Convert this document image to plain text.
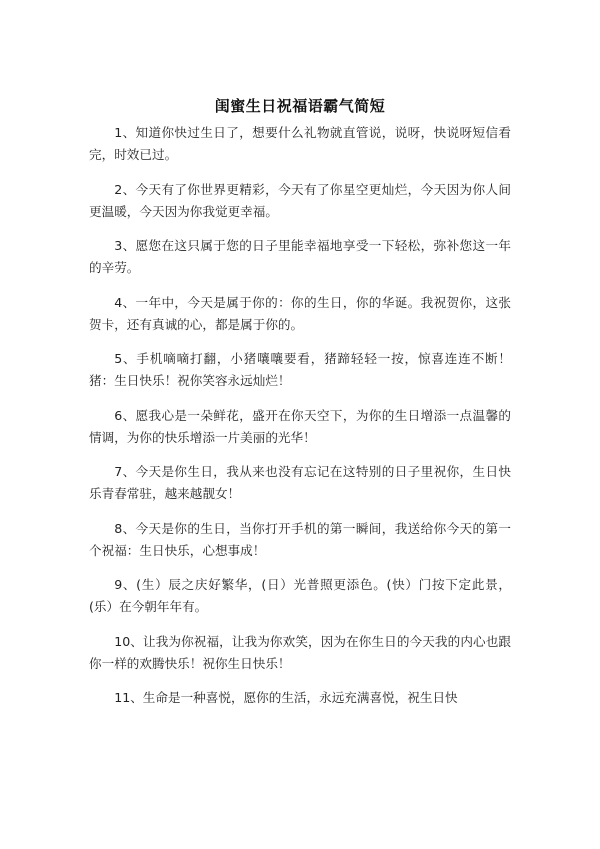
闺蜜生日祝福语霸气简短

1、知道你快过生日了，想要什么礼物就直管说，说呀，快说呀短信看完，时效已过。

2、今天有了你世界更精彩，今天有了你星空更灿烂，今天因为你人间更温暖，今天因为你我觉更幸福。

3、愿您在这只属于您的日子里能幸福地享受一下轻松，弥补您这一年的辛劳。

4、一年中，今天是属于你的：你的生日，你的华诞。我祝贺你，这张贺卡，还有真诚的心，都是属于你的。

5、手机嘀嘀打翻，小猪嚷嚷要看，猪蹄轻轻一按，惊喜连连不断！猪：生日快乐！祝你笑容永远灿烂！

6、愿我心是一朵鲜花，盛开在你天空下，为你的生日增添一点温馨的情调，为你的快乐增添一片美丽的光华！

7、今天是你生日，我从来也没有忘记在这特别的日子里祝你，生日快乐青春常驻，越来越靓女！

8、今天是你的生日，当你打开手机的第一瞬间，我送给你今天的第一个祝福：生日快乐，心想事成！

9、(生）辰之庆好繁华，(日）光普照更添色。(快）门按下定此景，(乐）在今朝年年有。

10、让我为你祝福，让我为你欢笑，因为在你生日的今天我的内心也跟你一样的欢腾快乐！祝你生日快乐！

11、生命是一种喜悦，愿你的生活，永远充满喜悦，祝生日快
